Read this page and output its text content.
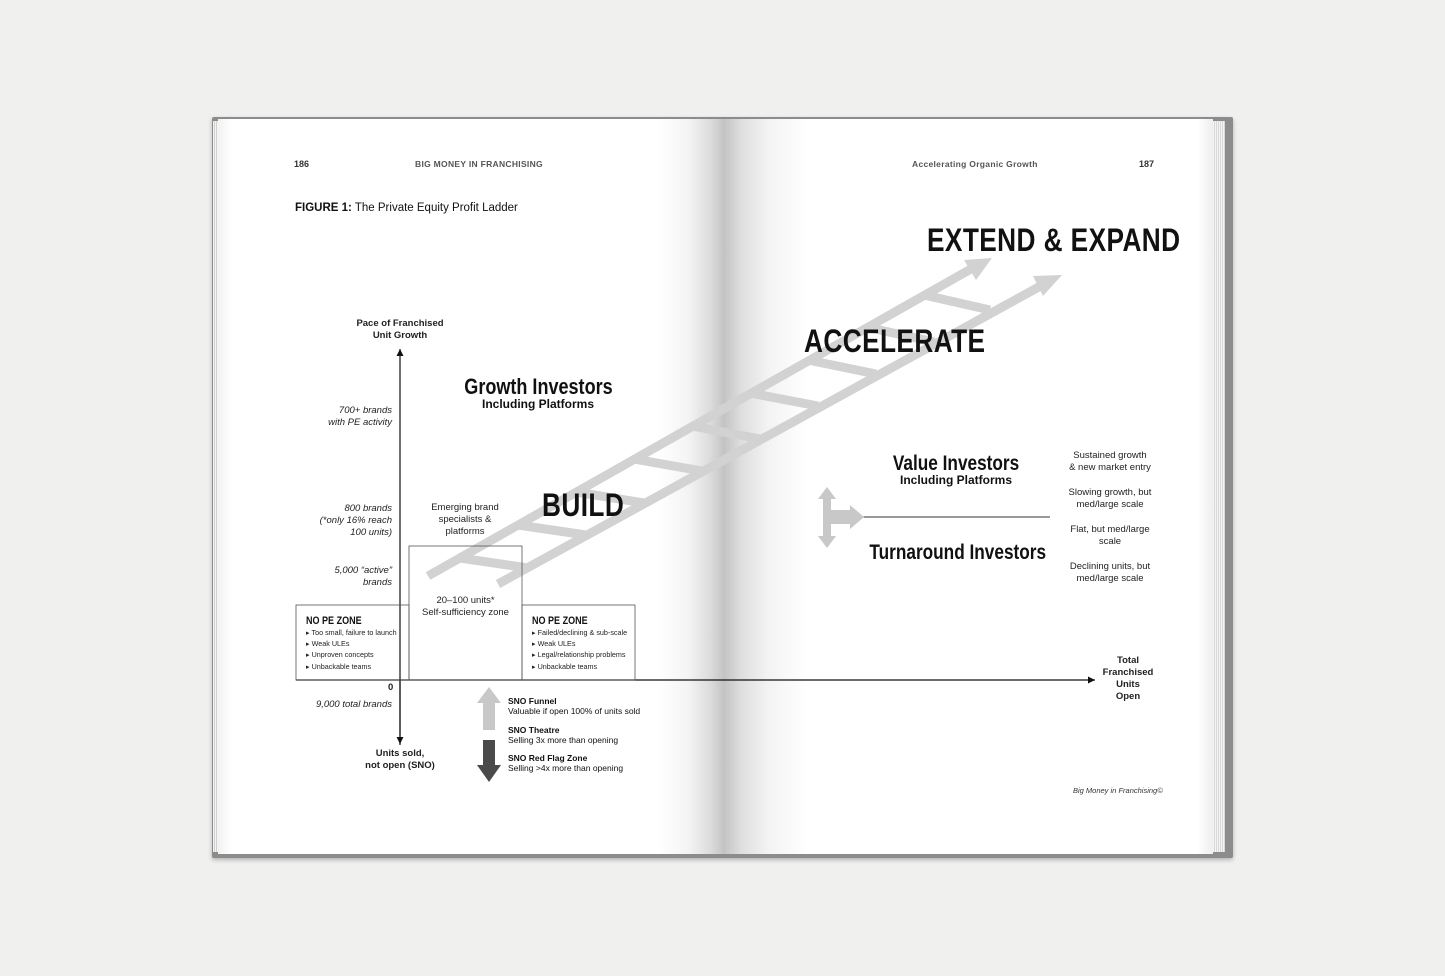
186	BIG MONEY IN FRANCHISING	Accelerating Organic Growth	187
FIGURE 1: The Private Equity Profit Ladder
EXTEND & EXPAND
ACCELERATE
BUILD
Pace of Franchised
Unit Growth
Units sold,
not open (SNO)
0
Total
Franchised
Units
Open
700+ brands
with PE activity
800 brands
(*only 16% reach
100 units)
5,000 “active”
brands
9,000 total brands
Growth Investors
Including Platforms
Emerging brand
specialists &
platforms
20–100 units*
Self-sufficiency zone
NO PE ZONE
▸ Too small, failure to launch
▸ Weak ULEs
▸ Unproven concepts
▸ Unbackable teams
NO PE ZONE
▸ Failed/declining & sub-scale
▸ Weak ULEs
▸ Legal/relationship problems
▸ Unbackable teams
SNO Funnel
Valuable if open 100% of units sold
SNO Theatre
Selling 3x more than opening
SNO Red Flag Zone
Selling >4x more than opening
Value Investors
Including Platforms
Turnaround Investors
Sustained growth
& new market entry
Slowing growth, but
med/large scale
Flat, but med/large
scale
Declining units, but
med/large scale
Big Money in Franchising©
